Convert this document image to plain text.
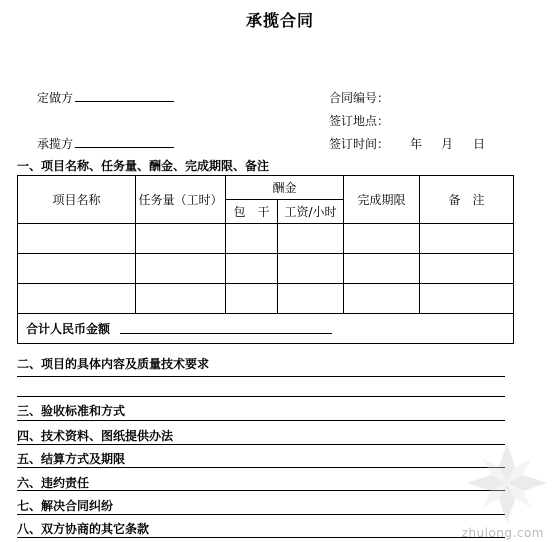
承揽合同
定做方	合同编号：
签订地点：
承揽方	签订时间： 年 月 日
一、项目名称、任务量、酬金、完成期限、备注
项目名称	任务量（工时）	酬金		完成期限	备　注
		包　干	工资/小时		

合计人民币金额					
二、项目的具体内容及质量技术要求
三、验收标准和方式
四、技术资料、图纸提供办法
五、结算方式及期限
六、违约责任
七、解决合同纠纷
八、双方协商的其它条款	zhulong.com
